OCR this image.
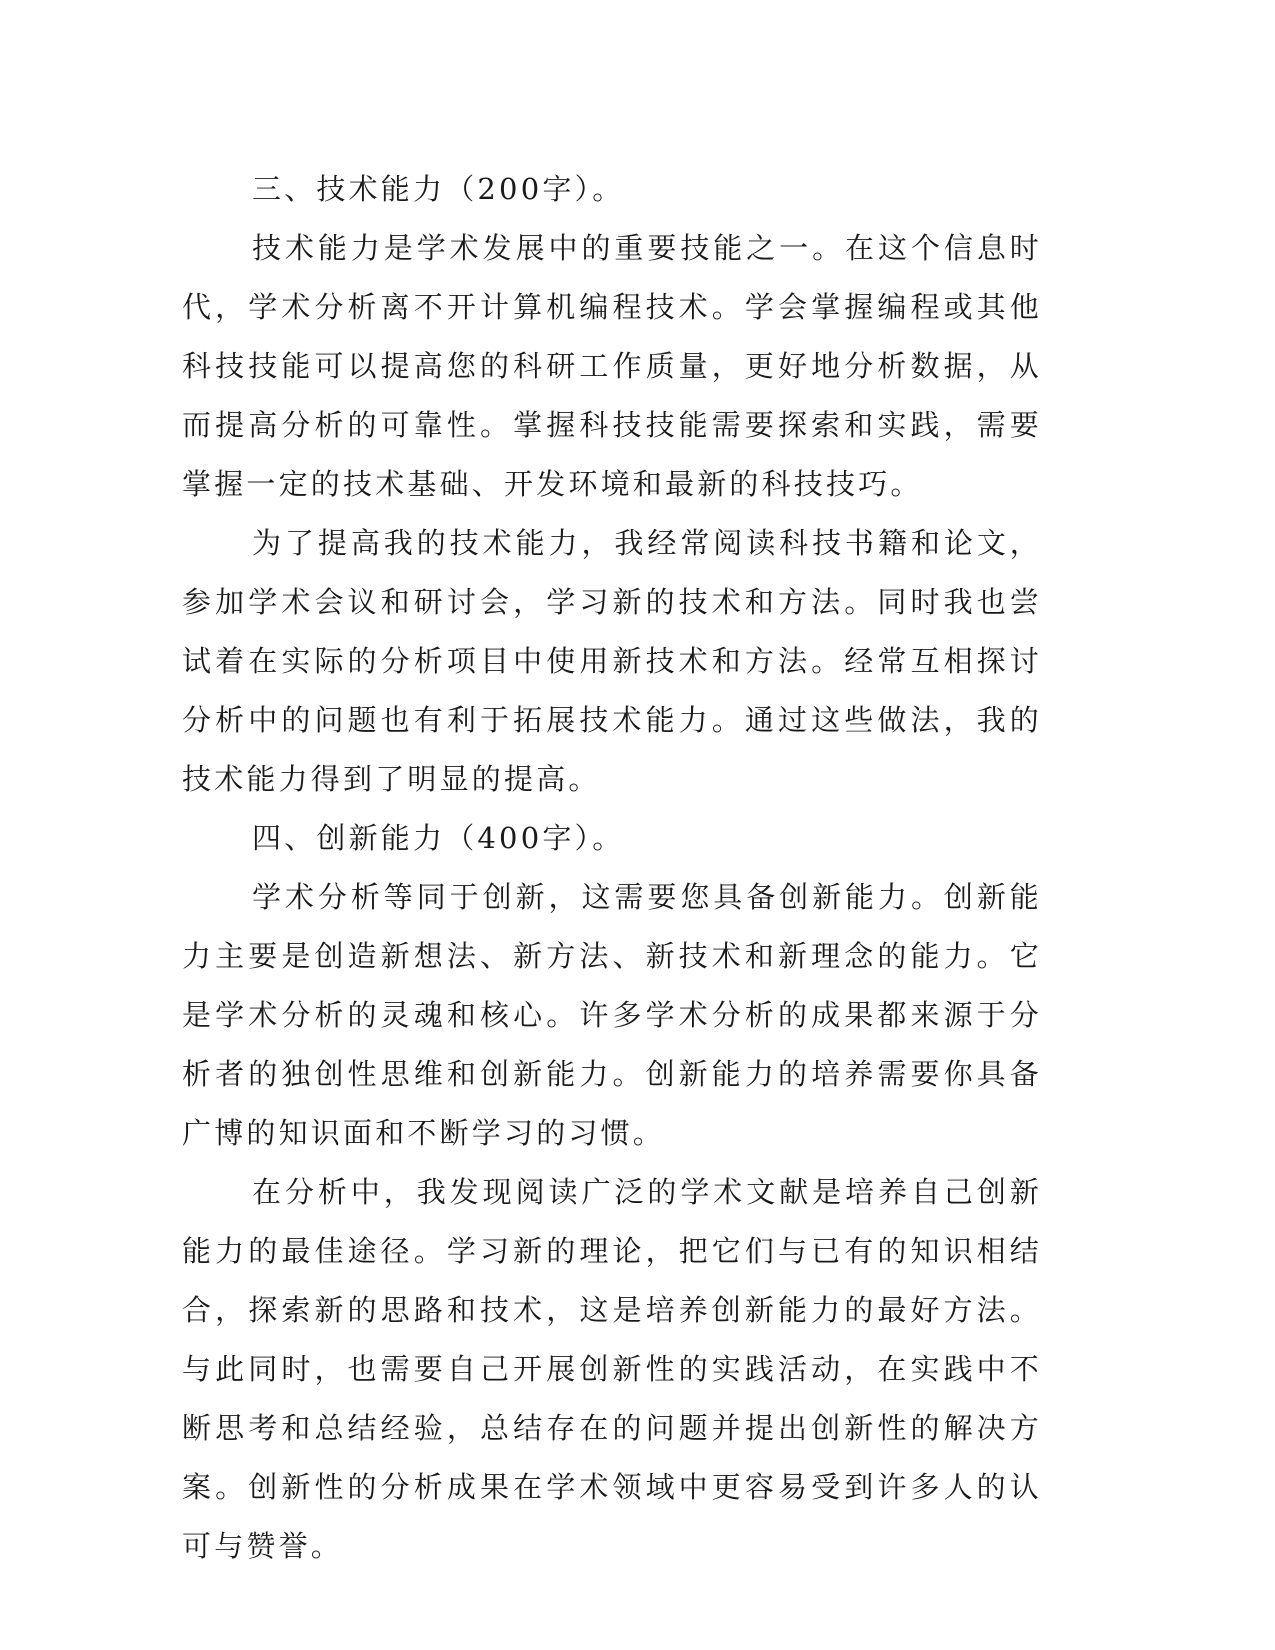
三、技术能力（200字）。

技术能力是学术发展中的重要技能之一。在这个信息时代，学术分析离不开计算机编程技术。学会掌握编程或其他科技技能可以提高您的科研工作质量，更好地分析数据，从而提高分析的可靠性。掌握科技技能需要探索和实践，需要掌握一定的技术基础、开发环境和最新的科技技巧。

为了提高我的技术能力，我经常阅读科技书籍和论文，参加学术会议和研讨会，学习新的技术和方法。同时我也尝试着在实际的分析项目中使用新技术和方法。经常互相探讨分析中的问题也有利于拓展技术能力。通过这些做法，我的技术能力得到了明显的提高。

四、创新能力（400字）。

学术分析等同于创新，这需要您具备创新能力。创新能力主要是创造新想法、新方法、新技术和新理念的能力。它是学术分析的灵魂和核心。许多学术分析的成果都来源于分析者的独创性思维和创新能力。创新能力的培养需要你具备广博的知识面和不断学习的习惯。

在分析中，我发现阅读广泛的学术文献是培养自己创新能力的最佳途径。学习新的理论，把它们与已有的知识相结合，探索新的思路和技术，这是培养创新能力的最好方法。与此同时，也需要自己开展创新性的实践活动，在实践中不断思考和总结经验，总结存在的问题并提出创新性的解决方案。创新性的分析成果在学术领域中更容易受到许多人的认可与赞誉。
